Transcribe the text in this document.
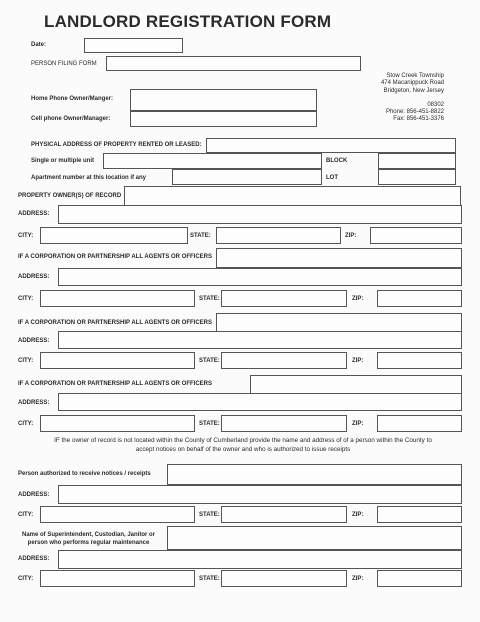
LANDLORD REGISTRATION FORM
Date:
PERSON FILING FORM
Stow Creek Township
474 Macanippuck Road
Bridgeton, New Jersey
08302
Phone: 856-451-8822
Fax: 856-451-3376
Home Phone Owner/Manger:
Cell phone Owner/Manager:
PHYSICAL ADDRESS OF PROPERTY RENTED OR LEASED:
Single or multiple unit	BLOCK
Apartment number at this location if any	LOT
PROPERTY OWNER(S) OF RECORD
ADDRESS:
CITY:	STATE:	ZIP:
IF A CORPORATION OR PARTNERSHIP ALL AGENTS OR OFFICERS
ADDRESS:
CITY:	STATE:	ZIP:
IF A CORPORATION OR PARTNERSHIP ALL AGENTS OR OFFICERS
ADDRESS:
CITY:	STATE:	ZIP:
IF A CORPORATION OR PARTNERSHIP ALL AGENTS OR OFFICERS
ADDRESS:
CITY:	STATE:	ZIP:
IF the owner of record is not located within the County of Cumberland provide the name and address of of a person within the County to
accept notices on behalf of the owner and who is authorized to issue receipts
Person authorized to receive notices / receipts
ADDRESS:
CITY:	STATE:	ZIP:
Name of Superintendent, Custodian, Janitor or
person who performs regular maintenance
ADDRESS:
CITY:	STATE:	ZIP:
